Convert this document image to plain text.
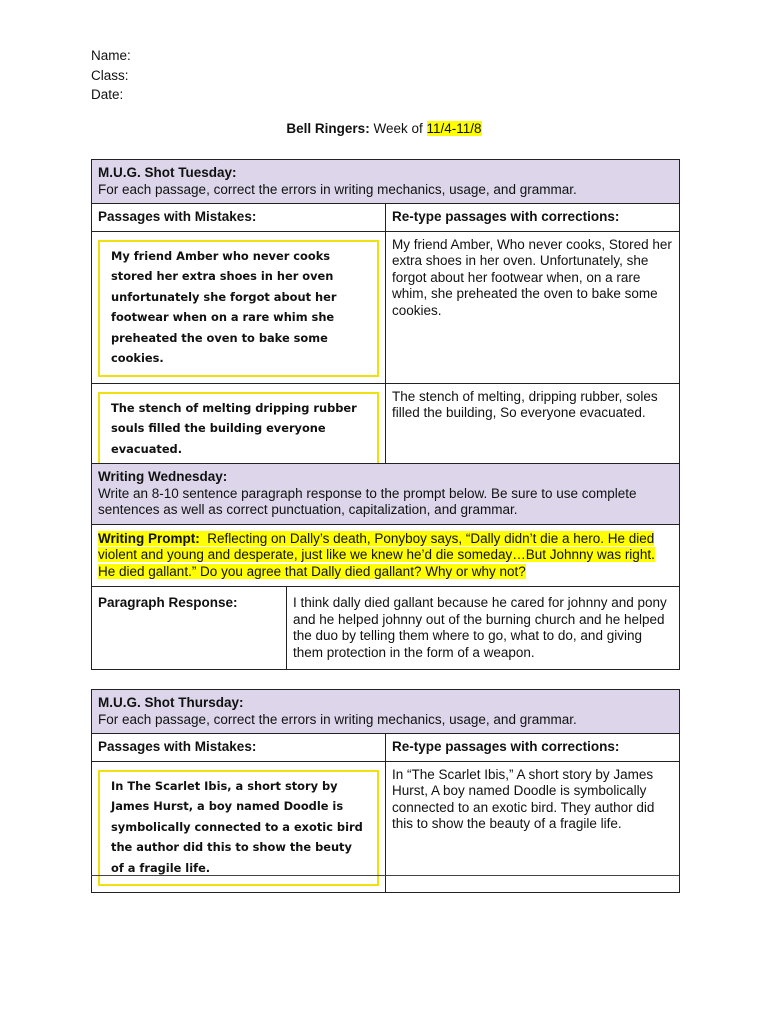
Name:
Class:
Date:
Bell Ringers: Week of 11/4-11/8
M.U.G. Shot Tuesday:
For each passage, correct the errors in writing mechanics, usage, and grammar.	

Passages with Mistakes:	Re-type passages with corrections:

My friend Amber who never cooks stored her extra shoes in her oven unfortunately she forgot about her footwear when on a rare whim she preheated the oven to bake some cookies.	My friend Amber, Who never cooks, Stored her extra shoes in her oven. Unfortunately, she forgot about her footwear when, on a rare whim, she preheated the oven to bake some cookies.

The stench of melting dripping rubber souls filled the building everyone evacuated.	The stench of melting, dripping rubber, soles filled the building, So everyone evacuated.
Writing Wednesday:
Write an 8-10 sentence paragraph response to the prompt below. Be sure to use complete sentences as well as correct punctuation, capitalization, and grammar.

Writing Prompt: Reflecting on Dally’s death, Ponyboy says, “Dally didn’t die a hero. He died violent and young and desperate, just like we knew he’d die someday…But Johnny was right. He died gallant.” Do you agree that Dally died gallant? Why or why not?
Paragraph Response:	I think dally died gallant because he cared for johnny and pony and he helped johnny out of the burning church and he helped the duo by telling them where to go, what to do, and giving them protection in the form of a weapon.
M.U.G. Shot Thursday:
For each passage, correct the errors in writing mechanics, usage, and grammar.	

Passages with Mistakes:	Re-type passages with corrections:

In The Scarlet Ibis, a short story by James Hurst, a boy named Doodle is symbolically connected to a exotic bird the author did this to show the beuty of a fragile life.	In “The Scarlet Ibis,” A short story by James Hurst, A boy named Doodle is symbolically connected to an exotic bird. They author did this to show the beauty of a fragile life.
